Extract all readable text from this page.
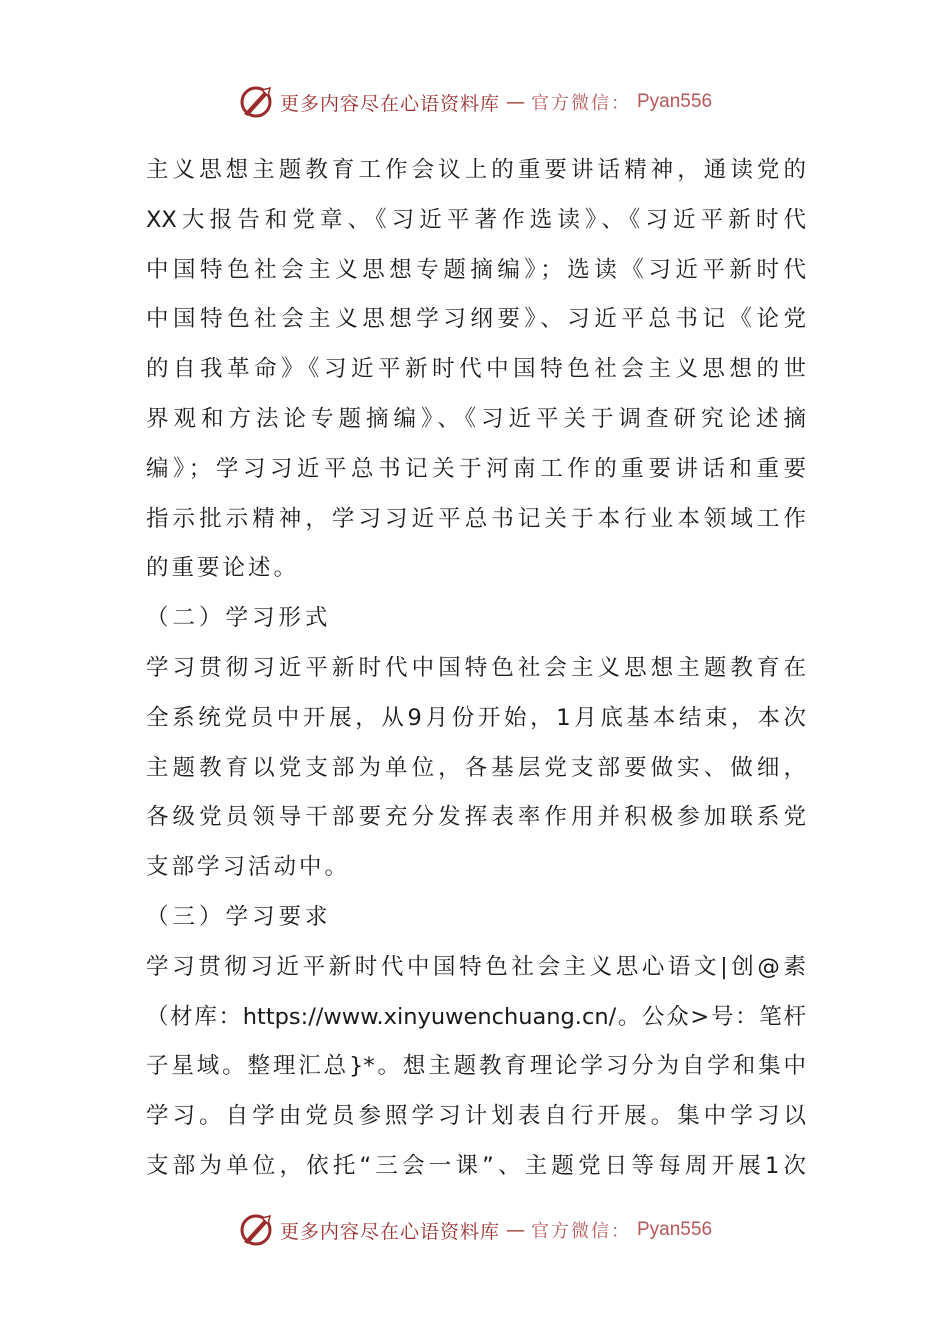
更多内容尽在心语资料库 — 官方微信： Pyan556
主义思想主题教育工作会议上的重要讲话精神，通读党的
XX大报告和党章、《习近平著作选读》、《习近平新时代
中国特色社会主义思想专题摘编》；选读《习近平新时代
中国特色社会主义思想学习纲要》、习近平总书记《论党
的自我革命》《习近平新时代中国特色社会主义思想的世
界观和方法论专题摘编》、《习近平关于调查研究论述摘
编》；学习习近平总书记关于河南工作的重要讲话和重要
指示批示精神，学习习近平总书记关于本行业本领域工作
的重要论述。
（二）学习形式
学习贯彻习近平新时代中国特色社会主义思想主题教育在
全系统党员中开展，从9月份开始，1月底基本结束，本次
主题教育以党支部为单位，各基层党支部要做实、做细，
各级党员领导干部要充分发挥表率作用并积极参加联系党
支部学习活动中。
（三）学习要求
学习贯彻习近平新时代中国特色社会主义思心语文|创@素
（材库：https://www.xinyuwenchuang.cn/。公众>号：笔杆
子星域。整理汇总}*。想主题教育理论学习分为自学和集中
学习。自学由党员参照学习计划表自行开展。集中学习以
支部为单位，依托“三会一课”、主题党日等每周开展1次
更多内容尽在心语资料库 — 官方微信： Pyan556
